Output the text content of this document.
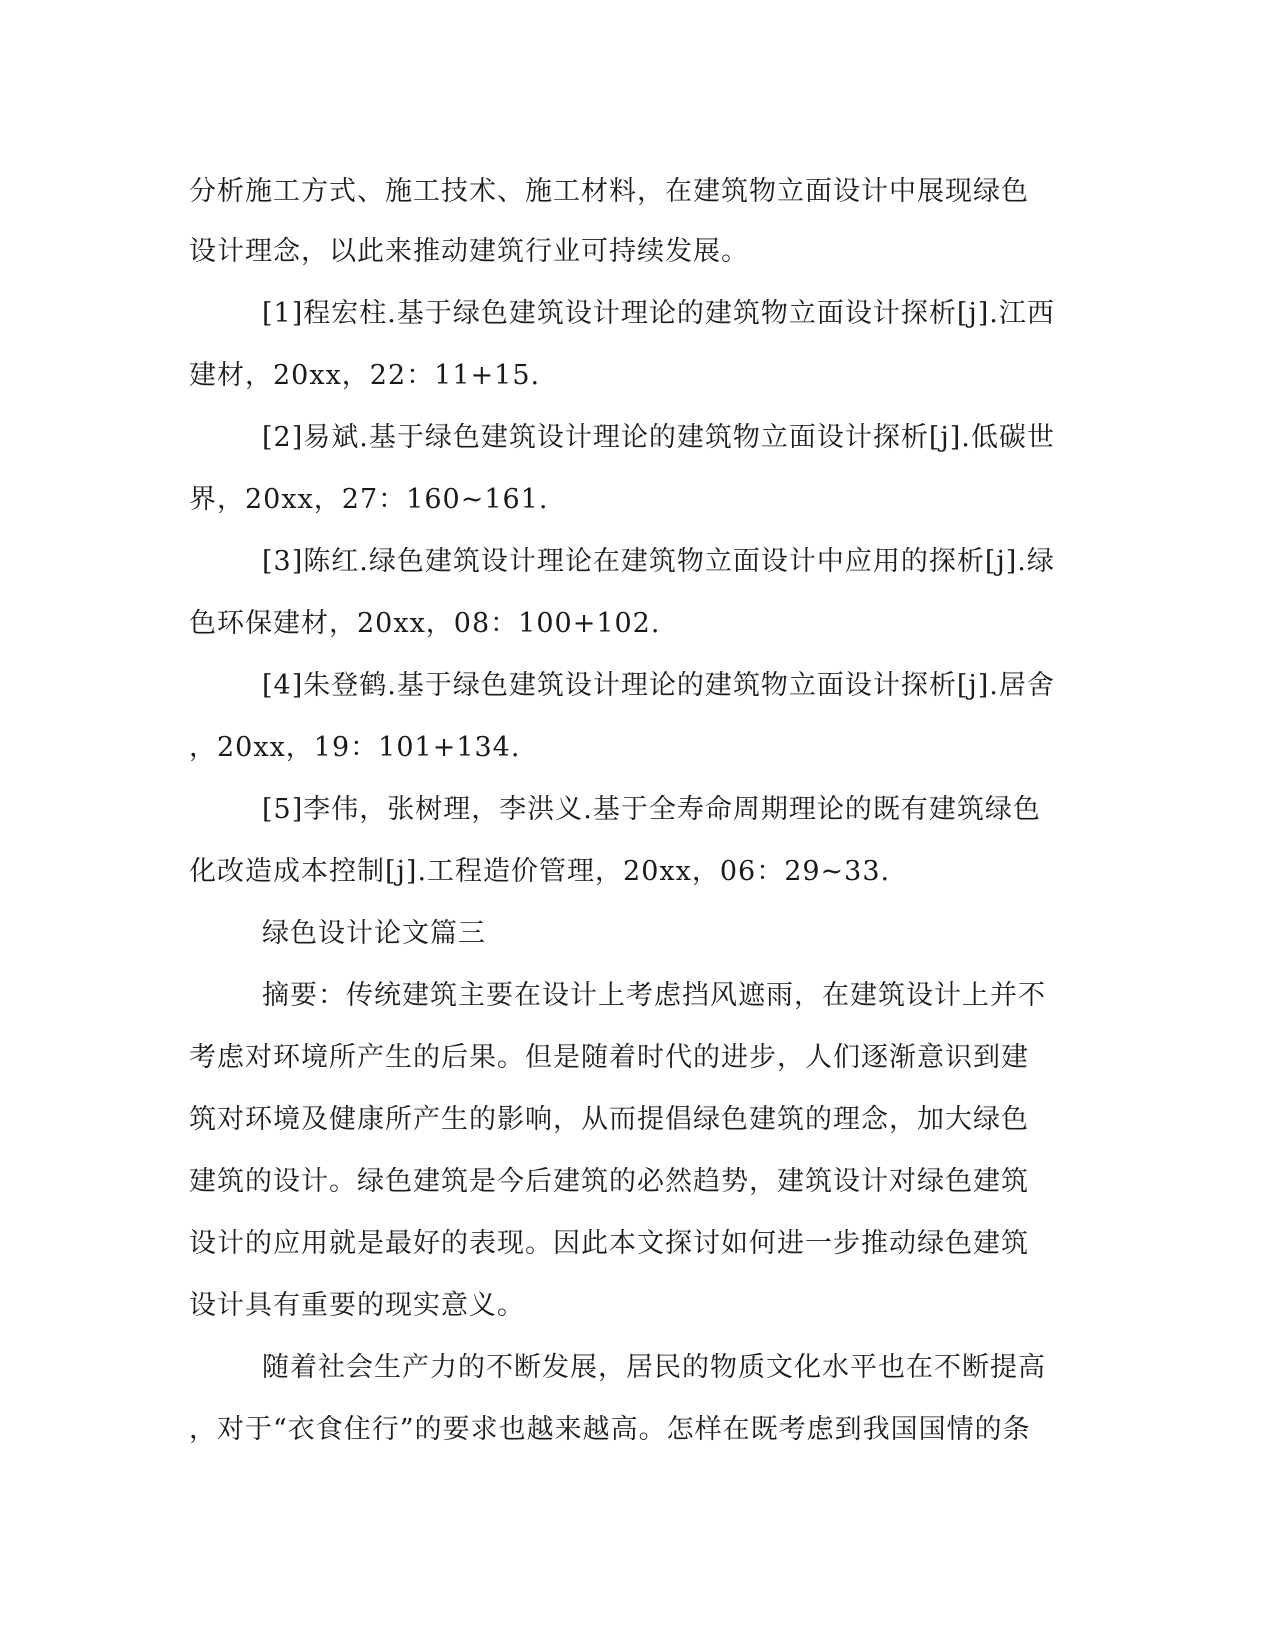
分析施工方式、施工技术、施工材料，在建筑物立面设计中展现绿色
设计理念，以此来推动建筑行业可持续发展。
[1]程宏柱.基于绿色建筑设计理论的建筑物立面设计探析[j].江西
建材，20xx，22：11+15.
[2]易斌.基于绿色建筑设计理论的建筑物立面设计探析[j].低碳世
界，20xx，27：160~161.
[3]陈红.绿色建筑设计理论在建筑物立面设计中应用的探析[j].绿
色环保建材，20xx，08：100+102.
[4]朱登鹤.基于绿色建筑设计理论的建筑物立面设计探析[j].居舍
，20xx，19：101+134.
[5]李伟，张树理，李洪义.基于全寿命周期理论的既有建筑绿色
化改造成本控制[j].工程造价管理，20xx，06：29~33.
绿色设计论文篇三
摘要：传统建筑主要在设计上考虑挡风遮雨，在建筑设计上并不
考虑对环境所产生的后果。但是随着时代的进步，人们逐渐意识到建
筑对环境及健康所产生的影响，从而提倡绿色建筑的理念，加大绿色
建筑的设计。绿色建筑是今后建筑的必然趋势，建筑设计对绿色建筑
设计的应用就是最好的表现。因此本文探讨如何进一步推动绿色建筑
设计具有重要的现实意义。
随着社会生产力的不断发展，居民的物质文化水平也在不断提高
，对于“衣食住行”的要求也越来越高。怎样在既考虑到我国国情的条
